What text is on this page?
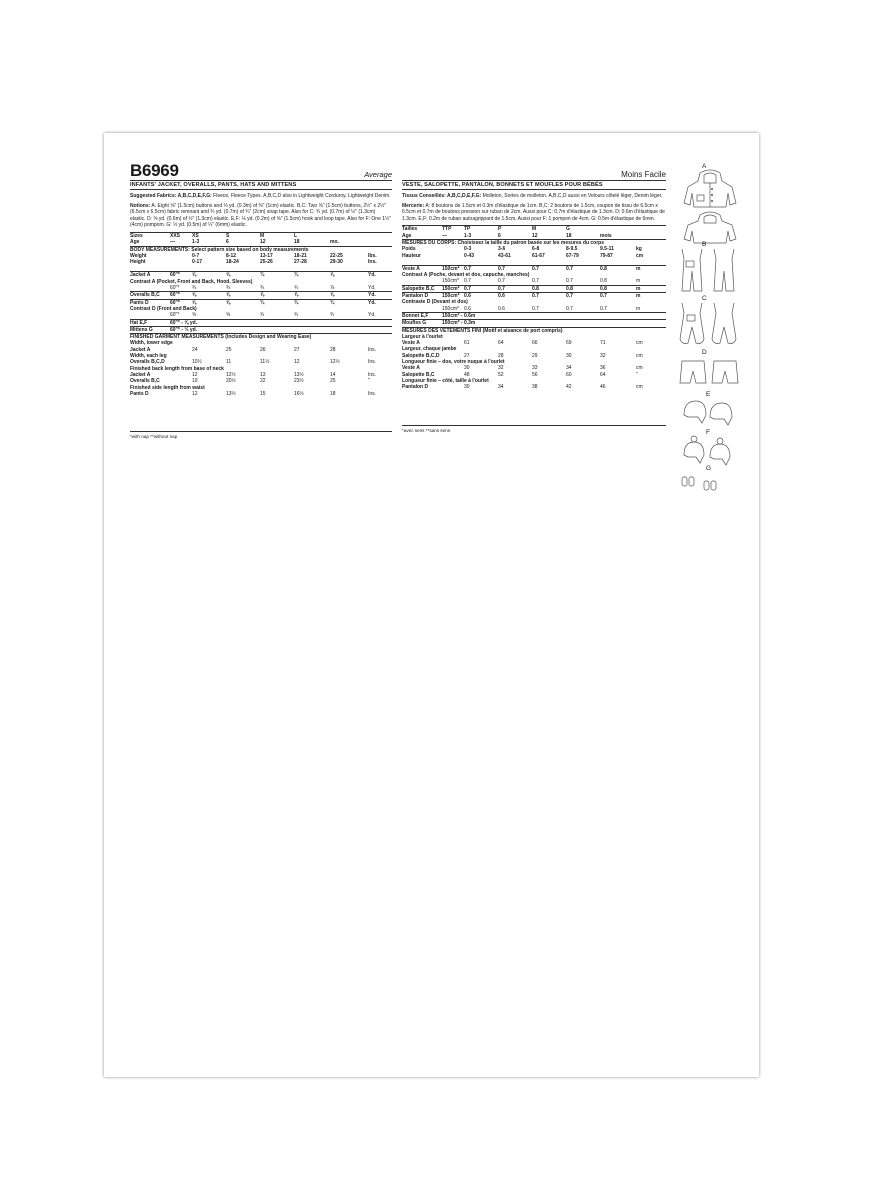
B6969	Average
INFANTS' JACKET, OVERALLS, PANTS, HATS AND MITTENS
Suggested Fabrics: A,B,C,D,E,F,G: Fleece, Fleece Types. A,B,C,D also in Lightweight Corduroy, Lightweight Denim.
Notions: A: Eight ⅝" (1.5cm) buttons and ⅓ yd. (0.3m) of ⅜" (1cm) elastic. B,C: Two ⅝" (1.5cm) buttons, 2½" x 2½" (6.5cm x 6.5cm) fabric remnant and ¾ yd. (0.7m) of ¾" (2cm) snap tape. Also for C: ¾ yd. (0.7m) of ½" (1.3cm) elastic. D: ⅝ yd. (0.6m) of ½" (1.3cm) elastic. E,F: ⅛ yd. (0.2m) of ⅝" (1.5cm) hook and loop tape. Also for F: One 1½" (4cm) pompom. G: ½ yd. (0.5m) of ¼" (6mm) elastic.
Sizes	XXS	XS	S	M	L
Age	—	1-3	6	12	18	mo.
BODY MEASUREMENTS: Select pattern size based on body measurements
Weight	0-7	8-12	13-17	18-21	22-25	lbs.
Height	0-17	18-24	25-26	27-28	29-30	Ins.
Jacket A	60"*	⅝	⅝	¾	¾	⅞	Yd.
Contrast A (Pocket, Front and Back, Hood, Sleeves)
60"*	¾	¾	¾	¾	⅞	Yd.
Overalls B,C	60"*	⅝	⅞	⅞	⅞	⅞	Yd.
Pants D	60"*	⅝	⅝	¾	¾	¾	Yd.
Contrast D (Front and Back)
60"*	⅝	⅝	¾	¾	¾	Yd.
Hat E,F	60"* - ⅝ yd.
Mittens G	60"* - ⅓ yd.
FINISHED GARMENT MEASUREMENTS (Includes Design and Wearing Ease)
Width, lower edge
Jacket A	24	25	26	27	28	Ins.
Width, each leg
Overalls B,C,D	10½	11	11½	12	12½	Ins.
Finished back length from base of neck
Jacket A	12	12½	13	13½	14	Ins.
Overalls B,C	19	20½	22	23½	25	"
Finished side length from waist
Pants D	12	13½	15	16½	18	Ins.
*with nap **without nap
Moins Facile
VESTE, SALOPETTE, PANTALON, BONNETS ET MOUFLES POUR BÉBÉS
Tissus Conseillés: A,B,C,D,E,F,G: Molleton, Sortes de molleton. A,B,C,D aussi en Velours côtelé léger, Denim léger.
Mercerie: A: 8 boutons de 1.5cm et 0.3m d'élastique de 1cm. B,C: 2 boutons de 1.5cm, coupon de tissu de 6.5cm x 6.5cm et 0.7m de boutons pression sur ruban de 2cm. Aussi pour C: 0.7m d'élastique de 1.3cm. D: 0.6m d'élastique de 1.3cm. E,F: 0.2m de ruban autoagrippant de 1.5cm. Aussi pour F: 1 pompon de 4cm. G: 0.5m d'élastique de 6mm.
Tailles	TTP	TP	P	M	G
Age	—	1-3	6	12	18	mois
MESURES DU CORPS: Choisissez la taille du patron basée sur les mesures du corps
Poids	0-3	3-6	6-8	8-9.5	9.5-11	kg
Hauteur	0-43	43-61	61-67	67-79	79-87	cm
Veste A	150cm* 0.7	0.7	0.7	0.7	0.8	m
Contrast A (Poche, devant et dos, capuche, manches)
150cm*	0.7	0.7	0.7	0.7	0.8	m
Salopette B,C	150cm* 0.7	0.7	0.8	0.8	0.8	m
Pantalon D	150cm* 0.6	0.6	0.7	0.7	0.7	m
Contraste D (Devant et dos)
150cm*	0.6	0.6	0.7	0.7	0.7	m
Bonnet E,F	150cm* - 0.6m
Moufles G	150cm* - 0.3m
MESURES DES VÊTEMENTS FINI (Motif et aisance de port compris)
Largeur à l'ourlet
Veste A	61	64	66	69	71	cm
Largeur, chaque jambe
Salopette B,C,D	27	28	29	30	32	cm
Longueur finie – dos, votre nuque à l'ourlet
Veste A	30	32	33	34	36	cm
Salopette B,C	48	52	56	60	64	"
Longueur finie – côté, taille à l'ourlet
Pantalon D	30	34	38	42	46	cm
*avec sens **sans sens
A
B
C
D
E
F
G
